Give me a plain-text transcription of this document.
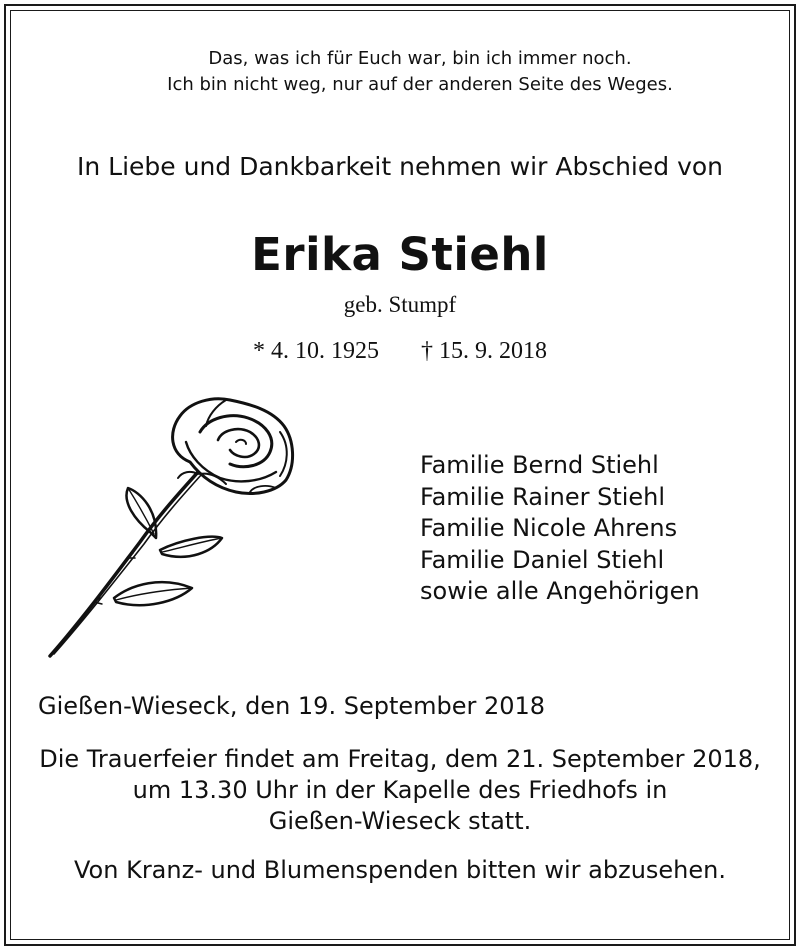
Das, was ich für Euch war, bin ich immer noch.
Ich bin nicht weg, nur auf der anderen Seite des Weges.
In Liebe und Dankbarkeit nehmen wir Abschied von
Erika Stiehl
geb. Stumpf
* 4. 10. 1925 † 15. 9. 2018
Familie Bernd Stiehl
Familie Rainer Stiehl
Familie Nicole Ahrens
Familie Daniel Stiehl
sowie alle Angehörigen
Gießen-Wieseck, den 19. September 2018
Die Trauerfeier findet am Freitag, dem 21. September 2018,
um 13.30 Uhr in der Kapelle des Friedhofs in
Gießen-Wieseck statt.
Von Kranz- und Blumenspenden bitten wir abzusehen.
